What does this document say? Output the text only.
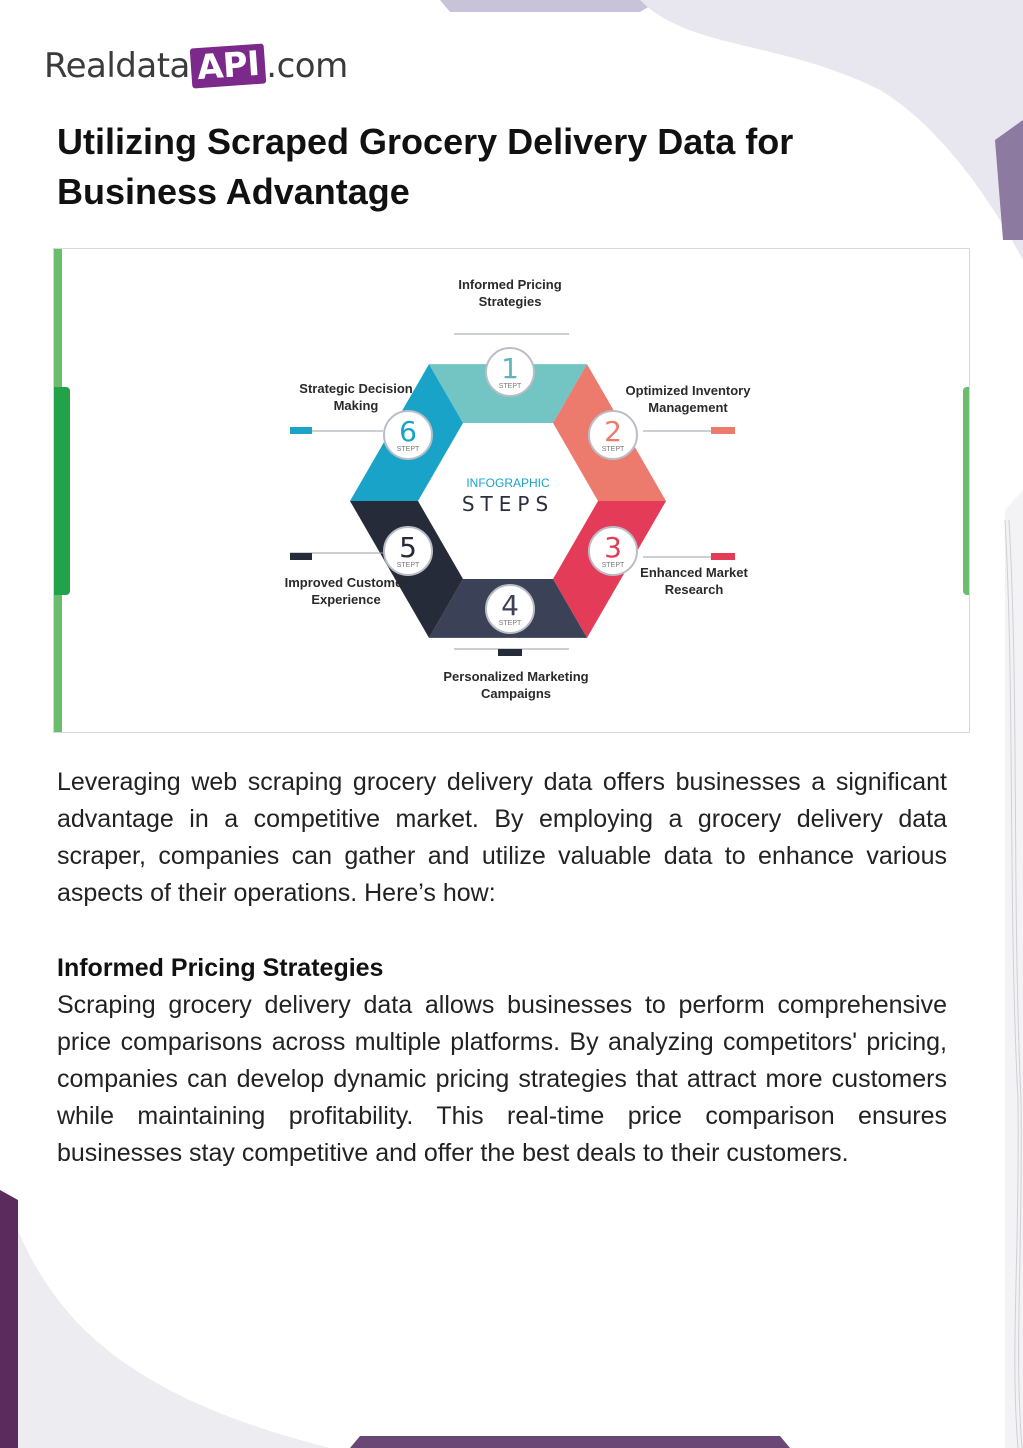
Realdata API .com
Utilizing Scraped Grocery Delivery Data for Business Advantage
INFOGRAPHIC
STEPS
1
STEPT
2
STEPT
3
STEPT
4
STEPT
5
STEPT
6
STEPT
Informed Pricing
Strategies
Optimized Inventory
Management
Enhanced Market
Research
Personalized Marketing
Campaigns
Improved Customer
Experience
Strategic Decision
Making

Leveraging web scraping grocery delivery data offers businesses a significant advantage in a competitive market. By employing a grocery delivery data scraper, companies can gather and utilize valuable data to enhance various aspects of their operations. Here’s how:

Informed Pricing Strategies

Scraping grocery delivery data allows businesses to perform comprehensive price comparisons across multiple platforms. By analyzing competitors' pricing, companies can develop dynamic pricing strategies that attract more customers while maintaining profitability. This real-time price comparison ensures businesses stay competitive and offer the best deals to their customers.
